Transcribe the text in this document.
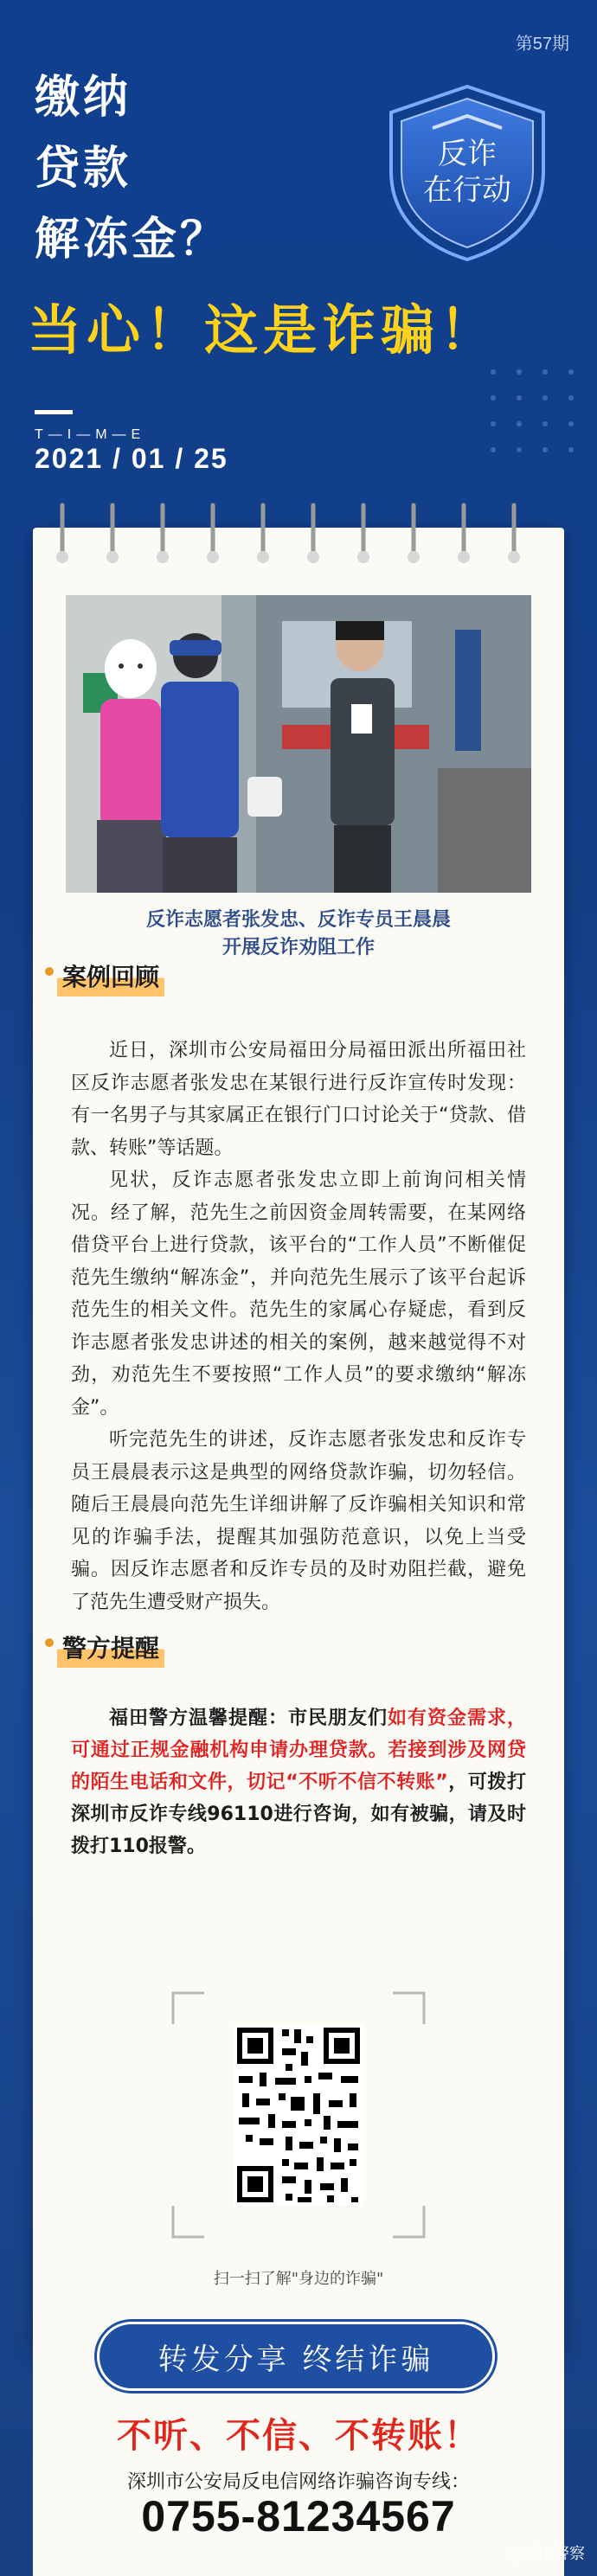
第57期
缴纳
贷款
解冻金？
当心！这是诈骗！
T—I—M—E
2021 / 01 / 25
反诈
在行动
反诈志愿者张发忠、反诈专员王晨晨
开展反诈劝阻工作
案例回顾

近日，深圳市公安局福田分局福田派出所福田社区反诈志愿者张发忠在某银行进行反诈宣传时发现：有一名男子与其家属正在银行门口讨论关于“贷款、借款、转账”等话题。

见状，反诈志愿者张发忠立即上前询问相关情况。经了解，范先生之前因资金周转需要，在某网络借贷平台上进行贷款，该平台的“工作人员”不断催促范先生缴纳“解冻金”，并向范先生展示了该平台起诉范先生的相关文件。范先生的家属心存疑虑，看到反诈志愿者张发忠讲述的相关的案例，越来越觉得不对劲，劝范先生不要按照“工作人员”的要求缴纳“解冻金”。

听完范先生的讲述，反诈志愿者张发忠和反诈专员王晨晨表示这是典型的网络贷款诈骗，切勿轻信。随后王晨晨向范先生详细讲解了反诈骗相关知识和常见的诈骗手法，提醒其加强防范意识，以免上当受骗。因反诈志愿者和反诈专员的及时劝阻拦截，避免了范先生遭受财产损失。

警方提醒
福田警方温馨提醒：市民朋友们如有资金需求，可通过正规金融机构申请办理贷款。若接到涉及网贷的陌生电话和文件，切记“不听不信不转账”，可拨打深圳市反诈专线96110进行咨询，如有被骗，请及时拨打110报警。
扫一扫了解"身边的诈骗"
转发分享 终结诈骗
不听、不信、不转账！
深圳市公安局反电信网络诈骗咨询专线：
0755-81234567
@福田警察
